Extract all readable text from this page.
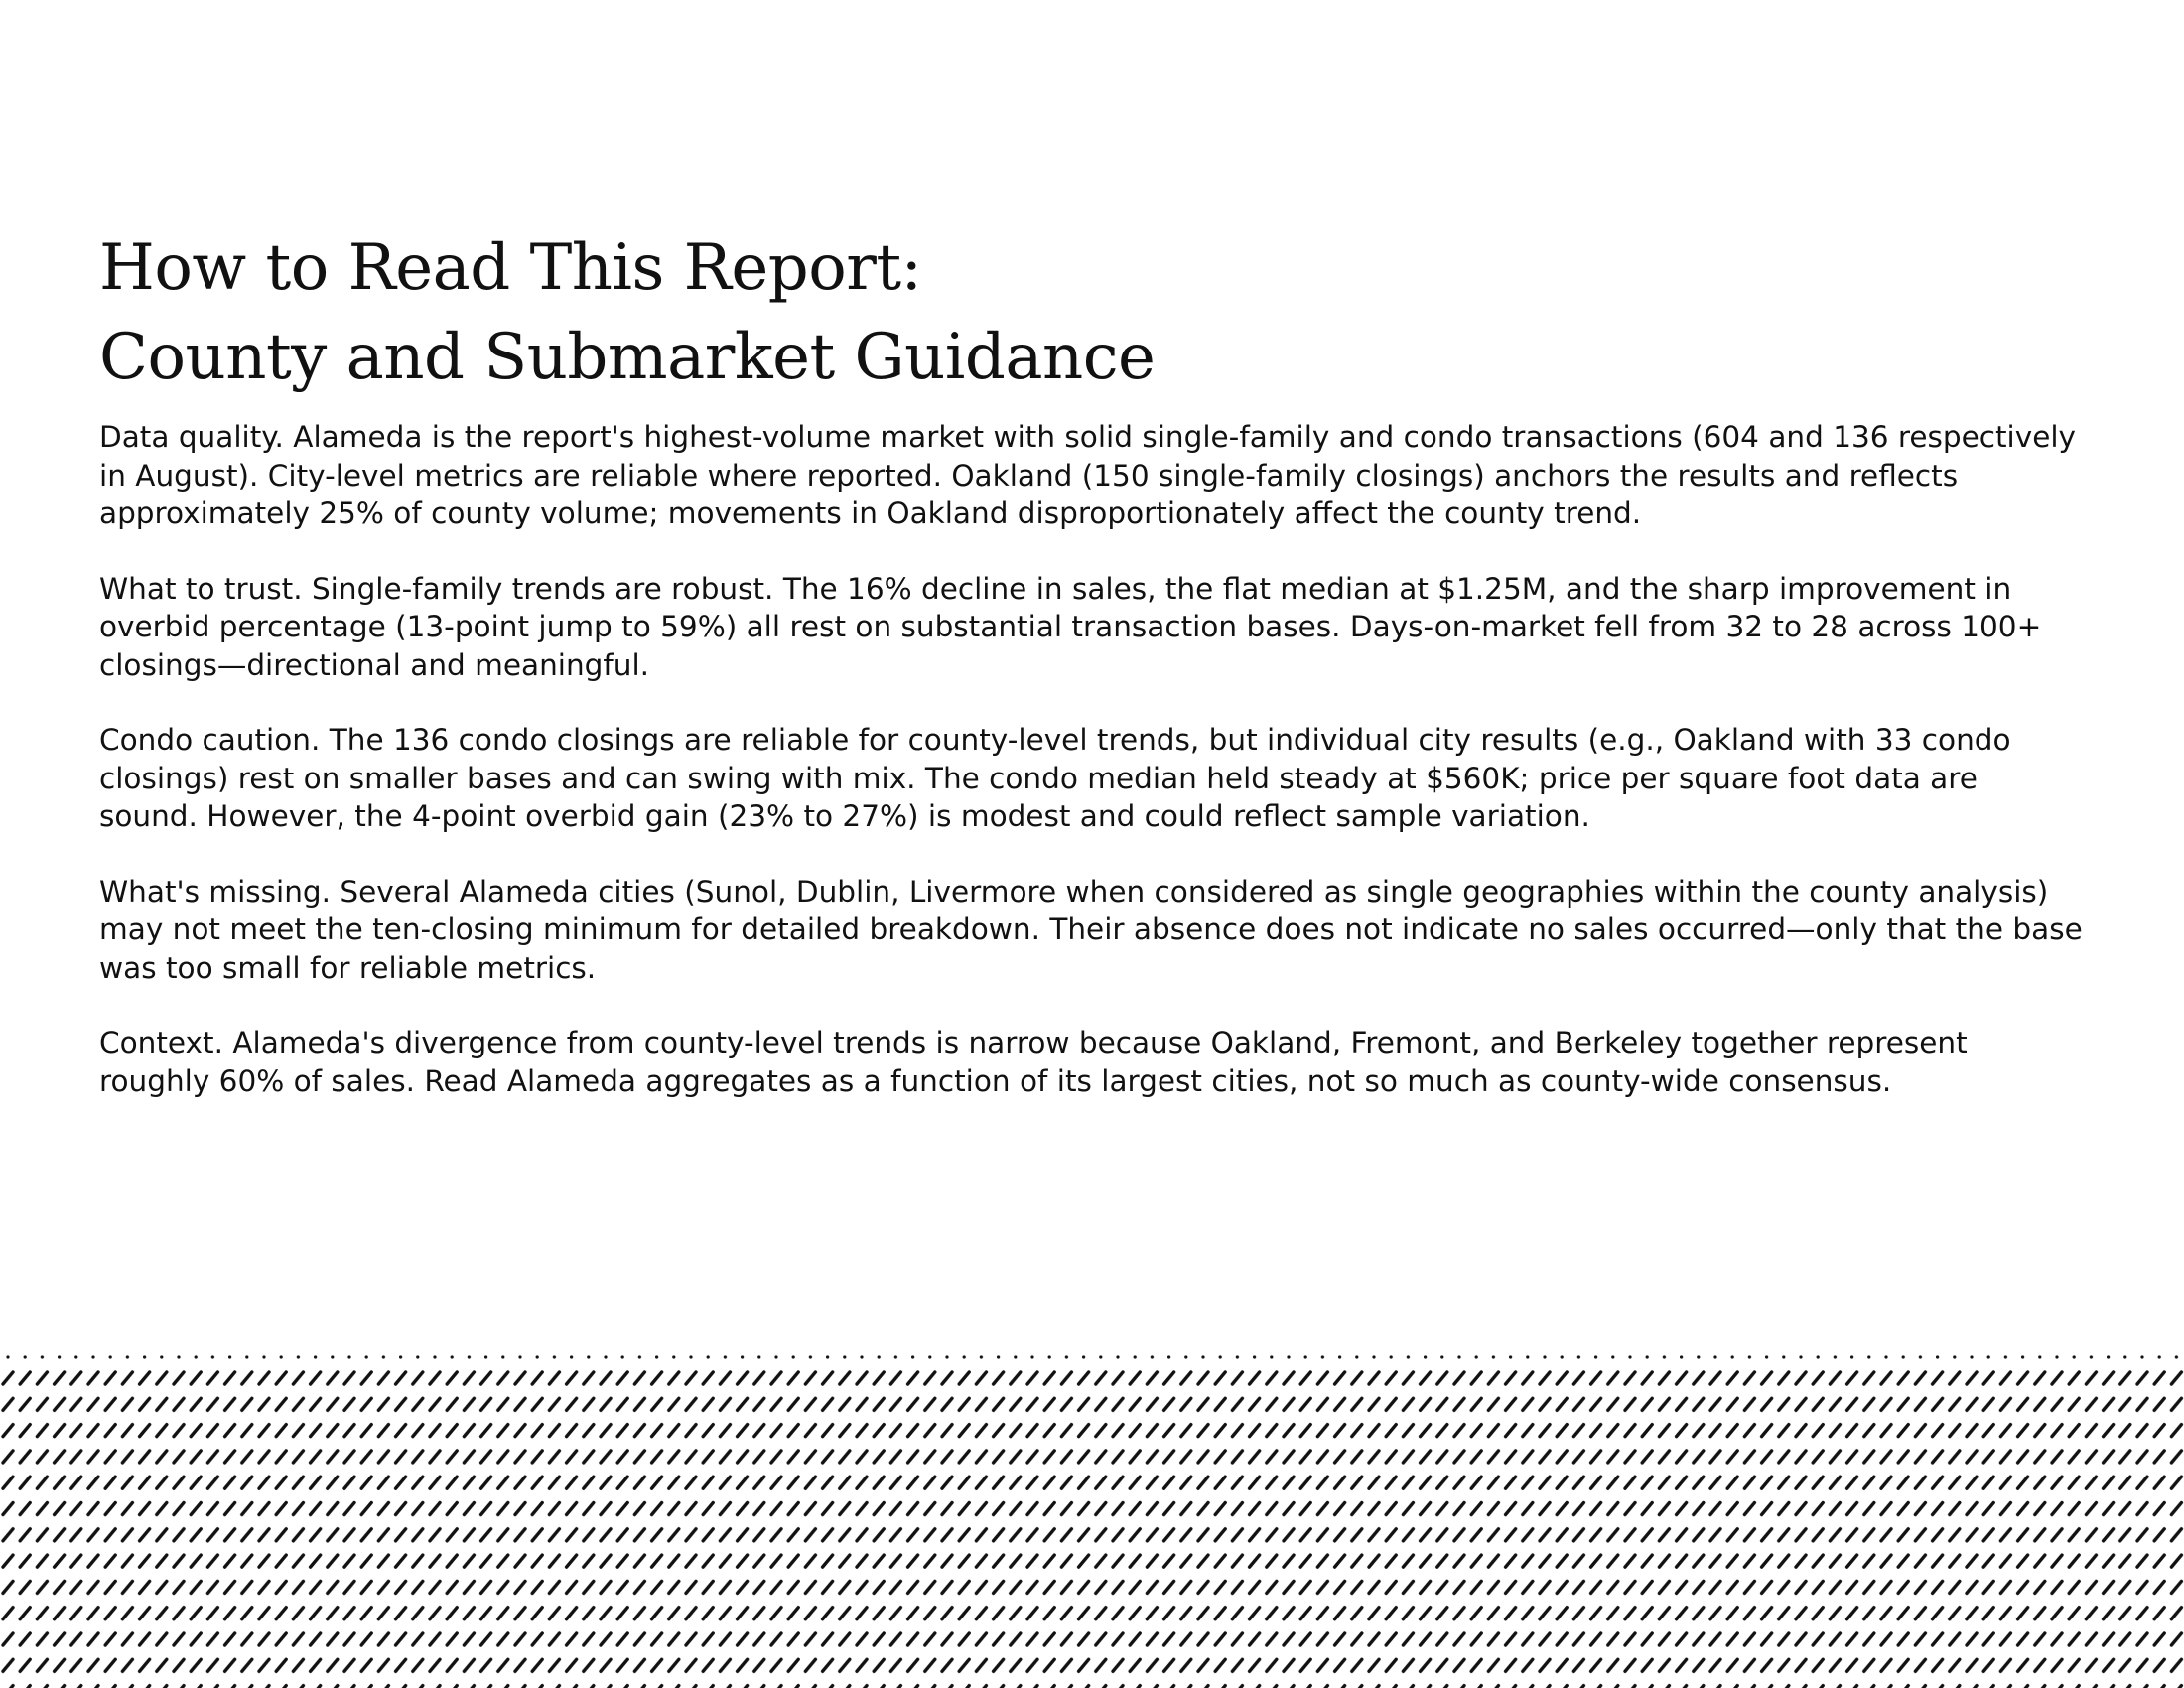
How to Read This Report:
County and Submarket Guidance

Data quality. Alameda is the report's highest-volume market with solid single-family and condo transactions (604 and 136 respectively in August). City-level metrics are reliable where reported. Oakland (150 single-family closings) anchors the results and reflects approximately 25% of county volume; movements in Oakland disproportionately affect the county trend.

What to trust. Single-family trends are robust. The 16% decline in sales, the flat median at $1.25M, and the sharp improvement in overbid percentage (13-point jump to 59%) all rest on substantial transaction bases. Days-on-market fell from 32 to 28 across 100+ closings—directional and meaningful.

Condo caution. The 136 condo closings are reliable for county-level trends, but individual city results (e.g., Oakland with 33 condo closings) rest on smaller bases and can swing with mix. The condo median held steady at $560K; price per square foot data are sound. However, the 4-point overbid gain (23% to 27%) is modest and could reflect sample variation.

What's missing. Several Alameda cities (Sunol, Dublin, Livermore when considered as single geographies within the county analysis) may not meet the ten-closing minimum for detailed breakdown. Their absence does not indicate no sales occurred—only that the base was too small for reliable metrics.

Context. Alameda's divergence from county-level trends is narrow because Oakland, Fremont, and Berkeley together represent roughly 60% of sales. Read Alameda aggregates as a function of its largest cities, not so much as county-wide consensus.
